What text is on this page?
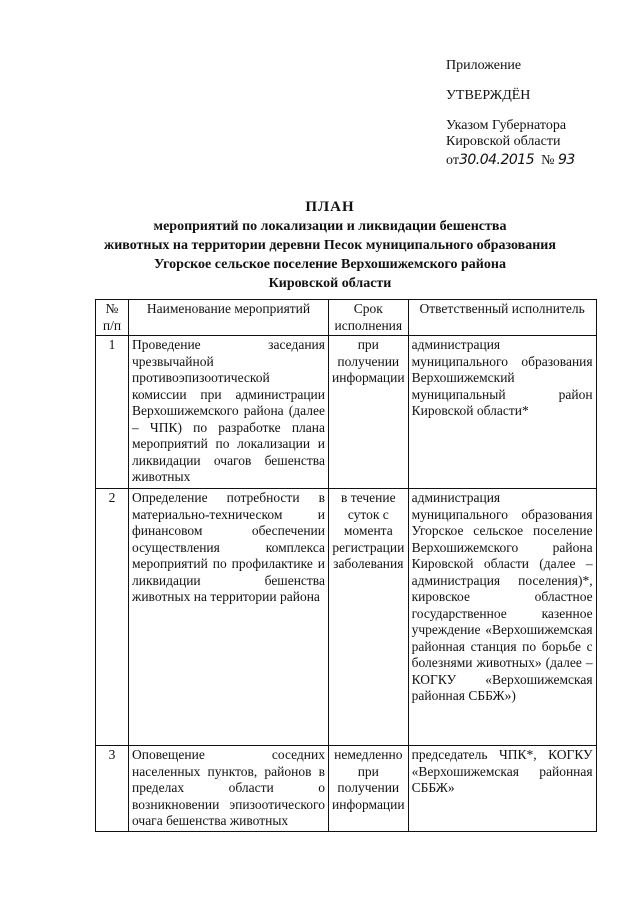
Приложение
УТВЕРЖДЁН
Указом Губернатора
Кировской области
от30.04.2015 № 93
ПЛАН
мероприятий по локализации и ликвидации бешенства
животных на территории деревни Песок муниципального образования
Угорское сельское поселение Верхошижемского района
Кировской области
№ п/п	Наименование мероприятий	Срок исполнения	Ответственный исполнитель
1	Проведение заседания чрезвычайной противоэпизоотической комиссии при администрации Верхошижемского района (далее – ЧПК) по разработке плана мероприятий по локализации и ликвидации очагов бешенства животных	при получении информации	администрация муниципального образования Верхошижемский муниципальный район Кировской области*
2	Определение потребности в материально-техническом и финансовом обеспечении осуществления комплекса мероприятий по профилактике и ликвидации бешенства животных на территории района	в течение суток с момента регистрации заболевания	администрация муниципального образования Угорское сельское поселение Верхошижемского района Кировской области (далее – администрация поселения)*, кировское областное государственное казенное учреждение «Верхошижемская районная станция по борьбе с болезнями животных» (далее – КОГКУ «Верхошижемская районная СББЖ»)
3	Оповещение соседних населенных пунктов, районов в пределах области о возникновении эпизоотического очага бешенства животных	немедленно при получении информации	председатель ЧПК*, КОГКУ «Верхошижемская районная СББЖ»
